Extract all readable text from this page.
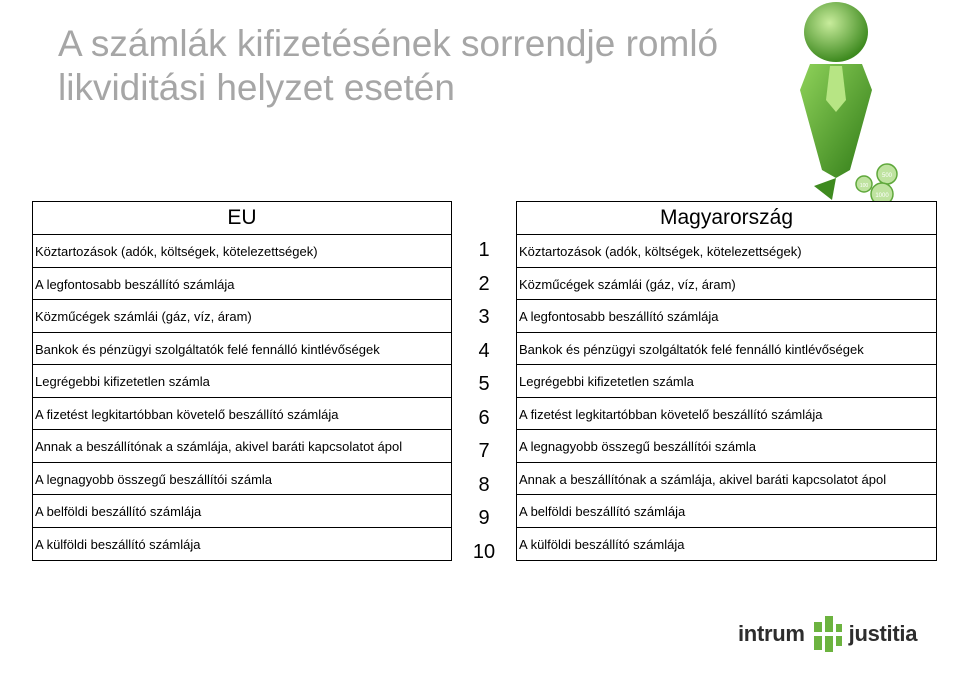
A számlák kifizetésének sorrendje romló
likviditási helyzet esetén
500
100
1000
EU
Köztartozások (adók, költségek, kötelezettségek)
A legfontosabb beszállító számlája
Közműcégek számlái (gáz, víz, áram)
Bankok és pénzügyi szolgáltatók felé fennálló kintlévőségek
Legrégebbi kifizetetlen számla
A fizetést legkitartóbban követelő beszállító számlája
Annak a beszállítónak a számlája, akivel baráti kapcsolatot ápol
A legnagyobb összegű beszállítói számla
A belföldi beszállító számlája
A külföldi beszállító számlája
1
2
3
4
5
6
7
8
9
10
Magyarország
Köztartozások (adók, költségek, kötelezettségek)
Közműcégek számlái (gáz, víz, áram)
A legfontosabb beszállító számlája
Bankok és pénzügyi szolgáltatók felé fennálló kintlévőségek
Legrégebbi kifizetetlen számla
A fizetést legkitartóbban követelő beszállító számlája
A legnagyobb összegű beszállítói számla
Annak a beszállítónak a számlája, akivel baráti kapcsolatot ápol
A belföldi beszállító számlája
A külföldi beszállító számlája
intrum justitia
